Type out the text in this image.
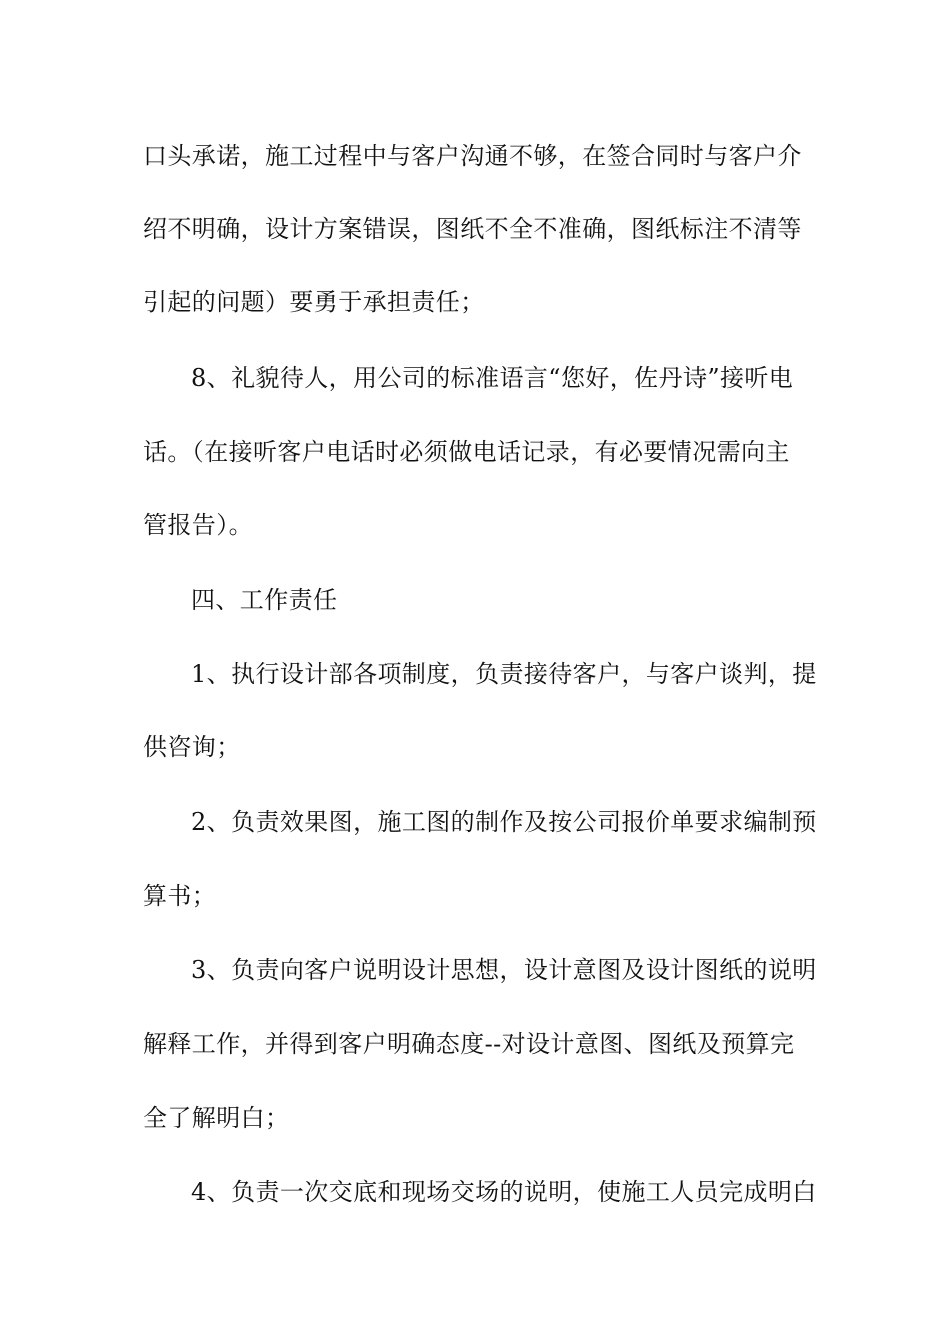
口头承诺，施工过程中与客户沟通不够，在签合同时与客户介
绍不明确，设计方案错误，图纸不全不准确，图纸标注不清等
引起的问题）要勇于承担责任；
8、礼貌待人，用公司的标准语言“您好，佐丹诗”接听电
话。（在接听客户电话时必须做电话记录，有必要情况需向主
管报告）。
四、工作责任
1、执行设计部各项制度，负责接待客户，与客户谈判，提
供咨询；
2、负责效果图，施工图的制作及按公司报价单要求编制预
算书；
3、负责向客户说明设计思想，设计意图及设计图纸的说明
解释工作，并得到客户明确态度--对设计意图、图纸及预算完
全了解明白；
4、负责一次交底和现场交场的说明，使施工人员完成明白
